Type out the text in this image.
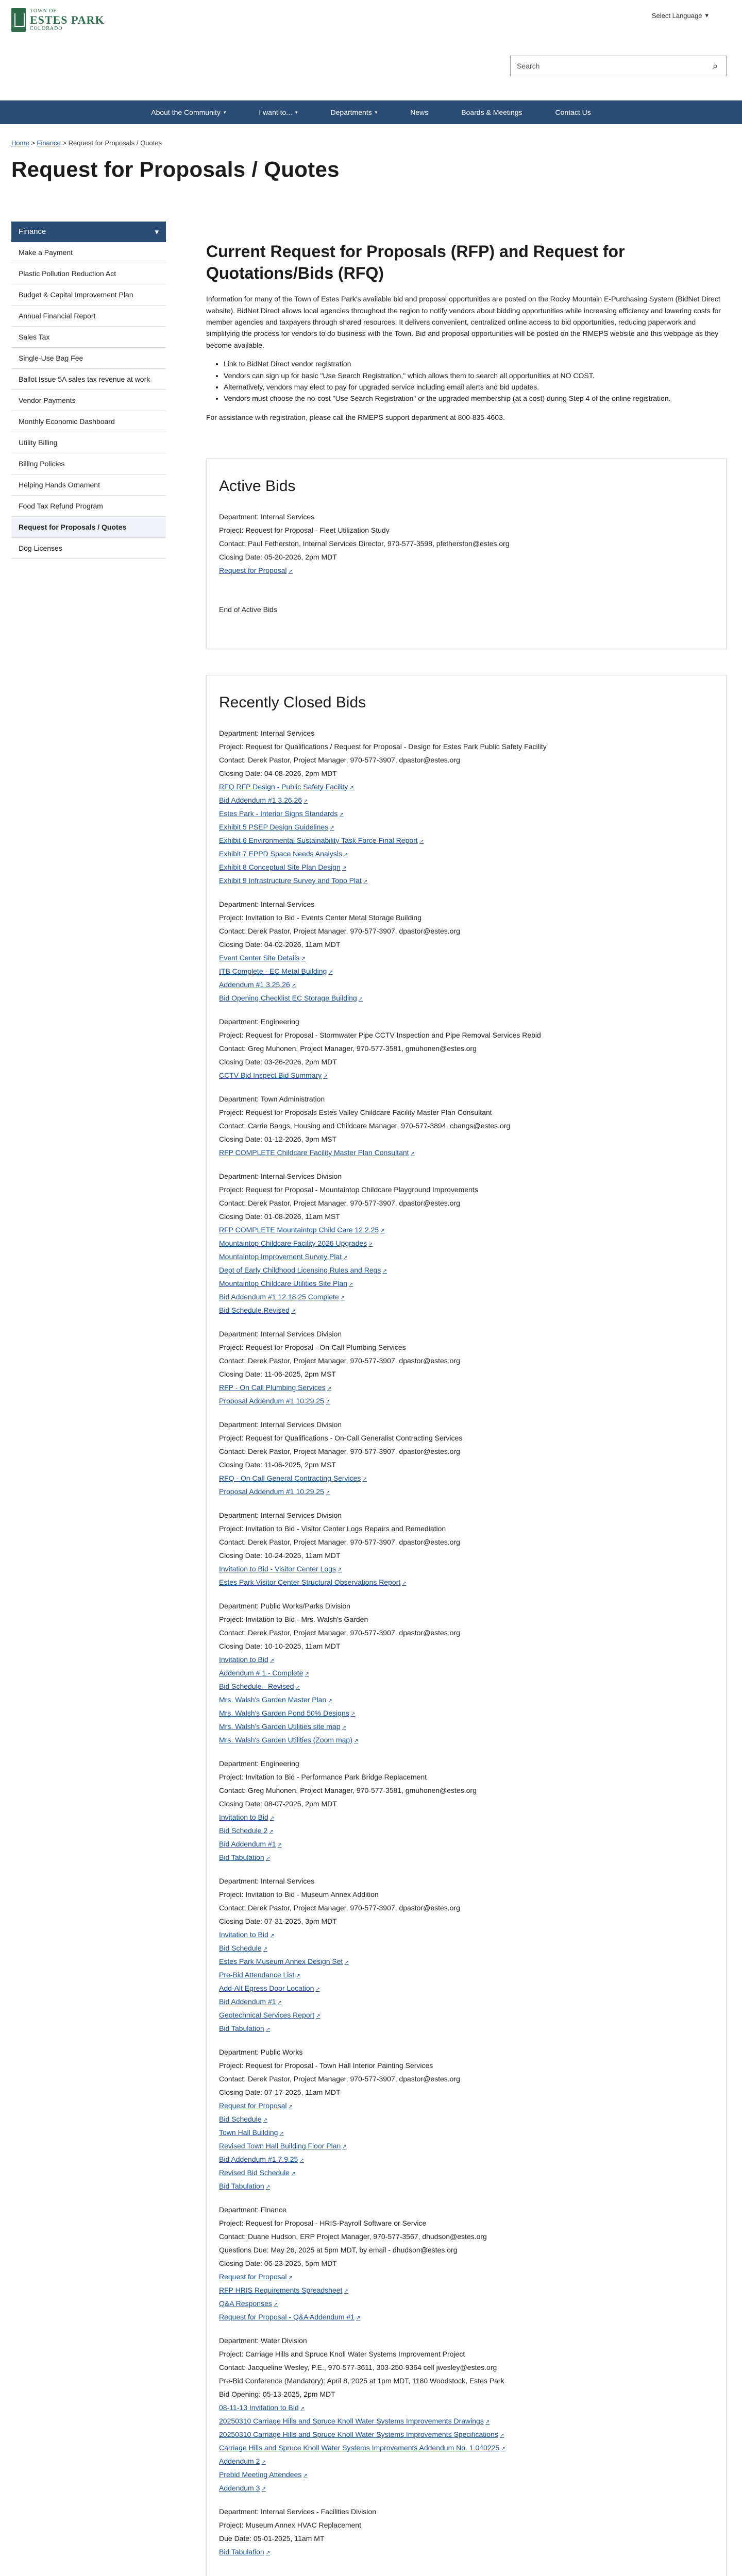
Select Language ▾
TOWN OF
ESTES PARK
COLORADO
Search	⌕
About the Community ▾	I want to... ▾	Departments ▾	News	Boards & Meetings	Contact Us
Home > Finance > Request for Proposals / Quotes
Request for Proposals / Quotes
Finance	▾
Make a Payment
Plastic Pollution Reduction Act
Budget & Capital Improvement Plan
Annual Financial Report
Sales Tax
Single-Use Bag Fee
Ballot Issue 5A sales tax revenue at work
Vendor Payments
Monthly Economic Dashboard
Utility Billing
Billing Policies
Helping Hands Ornament
Food Tax Refund Program
Request for Proposals / Quotes
Dog Licenses
Current Request for Proposals (RFP) and Request for Quotations/Bids (RFQ)

Information for many of the Town of Estes Park's available bid and proposal opportunities are posted on the Rocky Mountain E-Purchasing System (BidNet Direct website). BidNet Direct allows local agencies throughout the region to notify vendors about bidding opportunities while increasing efficiency and lowering costs for member agencies and taxpayers through shared resources. It delivers convenient, centralized online access to bid opportunities, reducing paperwork and simplifying the process for vendors to do business with the Town. Bid and proposal opportunities will be posted on the RMEPS website and this webpage as they become available.

• Link to BidNet Direct vendor registration
• Vendors can sign up for basic "Use Search Registration," which allows them to search all opportunities at NO COST.
• Alternatively, vendors may elect to pay for upgraded service including email alerts and bid updates.
• Vendors must choose the no-cost "Use Search Registration" or the upgraded membership (at a cost) during Step 4 of the online registration.

For assistance with registration, please call the RMEPS support department at 800-835-4603.

Active Bids

Department: Internal Services

Project: Request for Proposal - Fleet Utilization Study

Contact: Paul Fetherston, Internal Services Director, 970-577-3598, pfetherston@estes.org

Closing Date: 05-20-2026, 2pm MDT

Request for Proposal ↗

End of Active Bids

Recently Closed Bids

Department: Internal Services

Project: Request for Qualifications / Request for Proposal - Design for Estes Park Public Safety Facility

Contact: Derek Pastor, Project Manager, 970-577-3907, dpastor@estes.org

Closing Date: 04-08-2026, 2pm MDT

RFQ RFP Design - Public Safety Facility ↗
Bid Addendum #1 3.26.26 ↗
Estes Park - Interior Signs Standards ↗
Exhibit 5 PSEP Design Guidelines ↗
Exhibit 6 Environmental Sustainability Task Force Final Report ↗
Exhibit 7 EPPD Space Needs Analysis ↗
Exhibit 8 Conceptual Site Plan Design ↗
Exhibit 9 Infrastructure Survey and Topo Plat ↗

Department: Internal Services

Project: Invitation to Bid - Events Center Metal Storage Building

Contact: Derek Pastor, Project Manager, 970-577-3907, dpastor@estes.org

Closing Date: 04-02-2026, 11am MDT

Event Center Site Details ↗
ITB Complete - EC Metal Building ↗
Addendum #1 3.25.26 ↗
Bid Opening Checklist EC Storage Building ↗

Department: Engineering

Project: Request for Proposal - Stormwater Pipe CCTV Inspection and Pipe Removal Services Rebid

Contact: Greg Muhonen, Project Manager, 970-577-3581, gmuhonen@estes.org

Closing Date: 03-26-2026, 2pm MDT

CCTV Bid Inspect Bid Summary ↗

Department: Town Administration

Project: Request for Proposals Estes Valley Childcare Facility Master Plan Consultant

Contact: Carrie Bangs, Housing and Childcare Manager, 970-577-3894, cbangs@estes.org

Closing Date: 01-12-2026, 3pm MST

RFP COMPLETE Childcare Facility Master Plan Consultant ↗

Department: Internal Services Division

Project: Request for Proposal - Mountaintop Childcare Playground Improvements

Contact: Derek Pastor, Project Manager, 970-577-3907, dpastor@estes.org

Closing Date: 01-08-2026, 11am MST

RFP COMPLETE Mountaintop Child Care 12.2.25 ↗
Mountaintop Childcare Facility 2026 Upgrades ↗
Mountaintop Improvement Survey Plat ↗
Dept of Early Childhood Licensing Rules and Regs ↗
Mountaintop Childcare Utilities Site Plan ↗
Bid Addendum #1 12.18.25 Complete ↗
Bid Schedule Revised ↗

Department: Internal Services Division

Project: Request for Proposal - On-Call Plumbing Services

Contact: Derek Pastor, Project Manager, 970-577-3907, dpastor@estes.org

Closing Date: 11-06-2025, 2pm MST

RFP - On Call Plumbing Services ↗
Proposal Addendum #1 10.29.25 ↗

Department: Internal Services Division

Project: Request for Qualifications - On-Call Generalist Contracting Services

Contact: Derek Pastor, Project Manager, 970-577-3907, dpastor@estes.org

Closing Date: 11-06-2025, 2pm MST

RFQ - On Call General Contracting Services ↗
Proposal Addendum #1 10.29.25 ↗

Department: Internal Services Division

Project: Invitation to Bid - Visitor Center Logs Repairs and Remediation

Contact: Derek Pastor, Project Manager, 970-577-3907, dpastor@estes.org

Closing Date: 10-24-2025, 11am MDT

Invitation to Bid - Visitor Center Logs ↗
Estes Park Visitor Center Structural Observations Report ↗

Department: Public Works/Parks Division

Project: Invitation to Bid - Mrs. Walsh's Garden

Contact: Derek Pastor, Project Manager, 970-577-3907, dpastor@estes.org

Closing Date: 10-10-2025, 11am MDT

Invitation to Bid ↗
Addendum # 1 - Complete ↗
Bid Schedule - Revised ↗
Mrs. Walsh's Garden Master Plan ↗
Mrs. Walsh's Garden Pond 50% Designs ↗
Mrs. Walsh's Garden Utilities site map ↗
Mrs. Walsh's Garden Utilities (Zoom map) ↗

Department: Engineering

Project: Invitation to Bid - Performance Park Bridge Replacement

Contact: Greg Muhonen, Project Manager, 970-577-3581, gmuhonen@estes.org

Closing Date: 08-07-2025, 2pm MDT

Invitation to Bid ↗
Bid Schedule 2 ↗
Bid Addendum #1 ↗
Bid Tabulation ↗

Department: Internal Services

Project: Invitation to Bid - Museum Annex Addition

Contact: Derek Pastor, Project Manager, 970-577-3907, dpastor@estes.org

Closing Date: 07-31-2025, 3pm MDT

Invitation to Bid ↗
Bid Schedule ↗
Estes Park Museum Annex Design Set ↗
Pre-Bid Attendance List ↗
Add-Alt Egress Door Location ↗
Bid Addendum #1 ↗
Geotechnical Services Report ↗
Bid Tabulation ↗

Department: Public Works

Project: Request for Proposal - Town Hall Interior Painting Services

Contact: Derek Pastor, Project Manager, 970-577-3907, dpastor@estes.org

Closing Date: 07-17-2025, 11am MDT

Request for Proposal ↗
Bid Schedule ↗
Town Hall Building ↗
Revised Town Hall Building Floor Plan ↗
Bid Addendum #1 7.9.25 ↗
Revised Bid Schedule ↗
Bid Tabulation ↗

Department: Finance

Project: Request for Proposal - HRIS-Payroll Software or Service

Contact: Duane Hudson, ERP Project Manager, 970-577-3567, dhudson@estes.org

Questions Due: May 26, 2025 at 5pm MDT, by email - dhudson@estes.org

Closing Date: 06-23-2025, 5pm MDT

Request for Proposal ↗
RFP HRIS Requirements Spreadsheet ↗
Q&A Responses ↗
Request for Proposal - Q&A Addendum #1 ↗

Department: Water Division

Project: Carriage Hills and Spruce Knoll Water Systems Improvement Project

Contact: Jacqueline Wesley, P.E., 970-577-3611, 303-250-9364 cell jwesley@estes.org

Pre-Bid Conference (Mandatory): April 8, 2025 at 1pm MDT, 1180 Woodstock, Estes Park

Bid Opening: 05-13-2025, 2pm MDT

08-11-13 Invitation to Bid ↗
20250310 Carriage Hills and Spruce Knoll Water Systems Improvements Drawings ↗
20250310 Carriage Hills and Spruce Knoll Water Systems Improvements Specifications ↗
Carriage Hills and Spruce Knoll Water Systems Improvements Addendum No. 1 040225 ↗
Addendum 2 ↗
Prebid Meeting Attendees ↗
Addendum 3 ↗

Department: Internal Services - Facilities Division

Project: Museum Annex HVAC Replacement

Due Date: 05-01-2025, 11am MT

Bid Tabulation ↗
